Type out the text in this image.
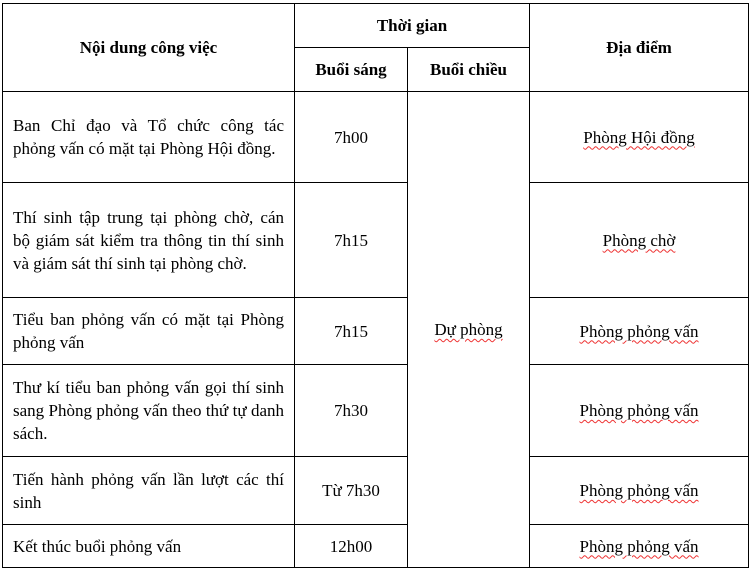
Nội dung công việc	Thời gian		Địa điểm
	Buổi sáng	Buổi chiều	
Ban Chỉ đạo và Tổ chức công tác phỏng vấn có mặt tại Phòng Hội đồng.	7h00	Dự phòng	Phòng Hội đồng
Thí sinh tập trung tại phòng chờ, cán bộ giám sát kiểm tra thông tin thí sinh và giám sát thí sinh tại phòng chờ.	7h15		Phòng chờ
Tiểu ban phỏng vấn có mặt tại Phòng phỏng vấn	7h15		Phòng phỏng vấn
Thư kí tiểu ban phỏng vấn gọi thí sinh sang Phòng phỏng vấn theo thứ tự danh sách.	7h30		Phòng phỏng vấn
Tiến hành phỏng vấn lần lượt các thí sinh	Từ 7h30		Phòng phỏng vấn
Kết thúc buổi phỏng vấn	12h00		Phòng phỏng vấn
